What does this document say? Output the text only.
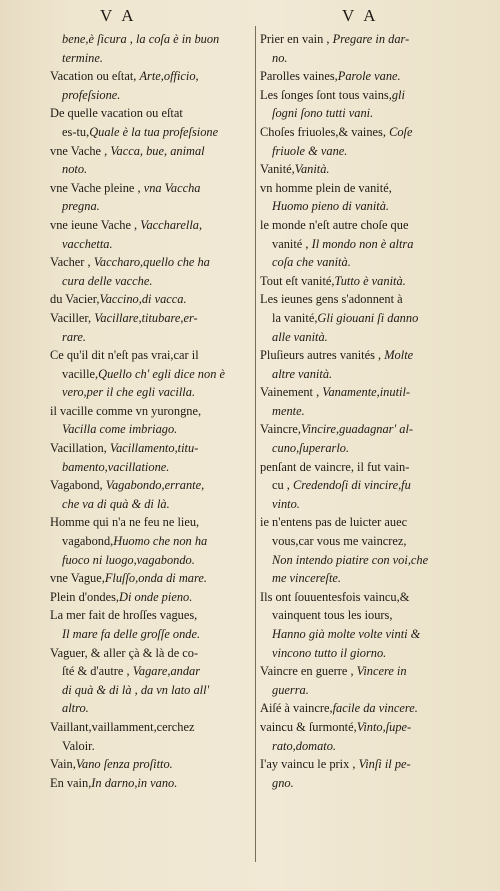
V A	V A
bene,è ſicura , la coſa è in buon
termine.
Vacation ou eſtat, Arte,officio,
profeſsione.
De quelle vacation ou eſtat
es-tu,Quale è la tua profeſsione
vne Vache , Vacca, bue, animal
noto.
vne Vache pleine , vna Vaccha
pregna.
vne ieune Vache , Vaccharella,
vacchetta.
Vacher , Vaccharo,quello che ha
cura delle vacche.
du Vacier,Vaccino,di vacca.
Vaciller, Vacillare,titubare,er-
rare.
Ce qu'il dit n'eſt pas vrai,car il
vacille,Quello ch' egli dice non è
vero,per il che egli vacilla.
il vacille comme vn yurongne,
Vacilla come imbriago.
Vacillation, Vacillamento,titu-
bamento,vacillatione.
Vagabond, Vagabondo,errante,
che va di quà & di là.
Homme qui n'a ne feu ne lieu,
vagabond,Huomo che non ha
fuoco ni luogo,vagabondo.
vne Vague,Fluſſo,onda di mare.
Plein d'ondes,Di onde pieno.
La mer fait de hroſſes vagues,
Il mare fa delle groſſe onde.
Vaguer, & aller çà & là de co-
ſté & d'autre , Vagare,andar
di quà & di là , da vn lato all'
altro.
Vaillant,vaillamment,cerchez
Valoir.
Vain,Vano ſenza proſitto.
En vain,In darno,in vano.
Prier en vain , Pregare in dar-
no.
Parolles vaines,Parole vane.
Les ſonges ſont tous vains,gli
ſogni ſono tutti vani.
Choſes friuoles,& vaines, Coſe
friuole & vane.
Vanité,Vanità.
vn homme plein de vanité,
Huomo pieno di vanità.
le monde n'eſt autre choſe que
vanité , Il mondo non è altra
coſa che vanità.
Tout eſt vanité,Tutto è vanità.
Les ieunes gens s'adonnent à
la vanité,Gli giouani ſi danno
alle vanità.
Pluſieurs autres vanités , Molte
altre vanità.
Vainement , Vanamente,inutil-
mente.
Vaincre,Vincire,guadagnar' al-
cuno,ſuperarlo.
penſant de vaincre, il fut vain-
cu , Credendoſi di vincire,fu
vinto.
ie n'entens pas de luicter auec
vous,car vous me vaincrez,
Non intendo piatire con voi,che
me vincereſte.
Ils ont ſouuentesfois vaincu,&
vainquent tous les iours,
Hanno già molte volte vinti &
vincono tutto il giorno.
Vaincre en guerre , Vincere in
guerra.
Aiſé à vaincre,facile da vincere.
vaincu & ſurmonté,Vinto,ſupe-
rato,domato.
I'ay vaincu le prix , Vinſi il pe-
gno.
